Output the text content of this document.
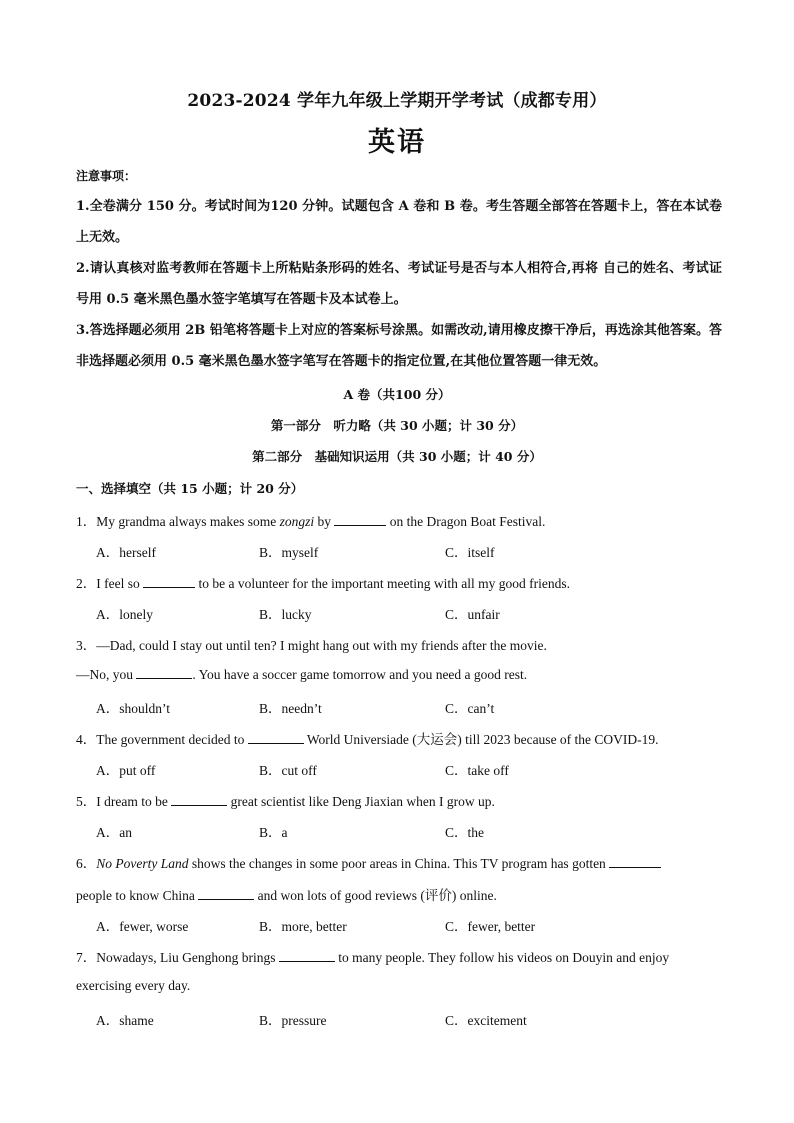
2023-2024 学年九年级上学期开学考试（成都专用）
英语
注意事项：
1.全卷满分 150 分。考试时间为120 分钟。试题包含 A 卷和 B 卷。考生答题全部答在答题卡上，答在本试卷上无效。
2.请认真核对监考教师在答题卡上所粘贴条形码的姓名、考试证号是否与本人相符合,再将 自己的姓名、考试证号用 0.5 毫米黑色墨水签字笔填写在答题卡及本试卷上。
3.答选择题必须用 2B 铅笔将答题卡上对应的答案标号涂黑。如需改动,请用橡皮擦干净后，再选涂其他答案。答非选择题必须用 0.5 毫米黑色墨水签字笔写在答题卡的指定位置,在其他位置答题一律无效。
A 卷（共100 分）
第一部分　听力略（共 30 小题；计 30 分）
第二部分　基础知识运用（共 30 小题；计 40 分）
一、选择填空（共 15 小题；计 20 分）
1．My grandma always makes some zongzi by	on the Dragon Boat Festival.
A．herself	B．myself	C．itself
2．I feel so	to be a volunteer for the important meeting with all my good friends.
A．lonely	B．lucky	C．unfair
3．—Dad, could I stay out until ten? I might hang out with my friends after the movie.
—No, you	. You have a soccer game tomorrow and you need a good rest.
A．shouldn’t	B．needn’t	C．can’t
4．The government decided to	World Universiade (大运会) till 2023 because of the COVID-19.
A．put off	B．cut off	C．take off
5．I dream to be	great scientist like Deng Jiaxian when I grow up.
A．an	B．a	C．the
6．No Poverty Land shows the changes in some poor areas in China. This TV program has gotten
people to know China	and won lots of good reviews (评价) online.
A．fewer, worse	B．more, better	C．fewer, better
7．Nowadays, Liu Genghong brings	to many people. They follow his videos on Douyin and enjoy
exercising every day.
A．shame	B．pressure	C．excitement
